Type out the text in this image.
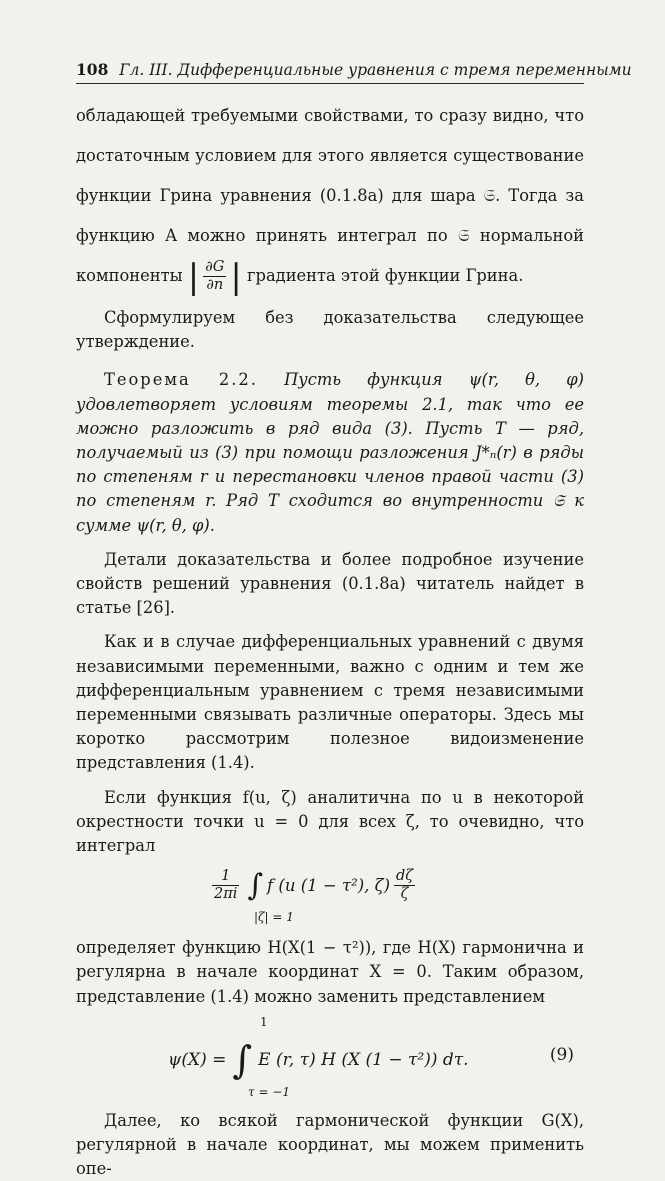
108 Гл. III. Дифференциальные уравнения с тремя переменными

обладающей требуемыми свойствами, то сразу видно, что достаточным условием для этого является существование функции Грина уравнения (0.1.8а) для шара 𝔖. Тогда за функцию A можно принять интеграл по 𝔖 нормальной компоненты | $\frac{\partial G}{\partial n}$ | градиента этой функции Грина.

Сформулируем без доказательства следующее утверждение.

Теорема 2.2. Пусть функция ψ(r, θ, φ) удовлетворяет условиям теоремы 2.1, так что ее можно разложить в ряд вида (3). Пусть T — ряд, получаемый из (3) при помощи разложения J*ₙ(r) в ряды по степеням r и перестановки членов правой части (3) по степеням r. Ряд T сходится во внутренности 𝔖 к сумме ψ(r, θ, φ).

Детали доказательства и более подробное изучение свойств решений уравнения (0.1.8а) читатель найдет в статье [26].

Как и в случае дифференциальных уравнений с двумя независимыми переменными, важно с одним и тем же дифференциальным уравнением с тремя независимыми переменными связывать различные операторы. Здесь мы коротко рассмотрим полезное видоизменение представления (1.4).

Если функция f(u, ζ) аналитична по u в некоторой окрестности точки u = 0 для всех ζ, то очевидно, что интеграл

$\frac{1}{2\pi i}$ ∫ f (u (1 − τ²), $\zeta) \frac{d\zeta}{\zeta}$
|ζ| = 1

определяет функцию H(X(1 − τ²)), где H(X) гармонична и регулярна в начале координат X = 0. Таким образом, представление (1.4) можно заменить представлением

1
ψ(X) = ∫ E (r, τ) H (X (1 − τ²)) dτ.
τ = −1
(9)

Далее, ко всякой гармонической функции G(X), регулярной в начале координат, мы можем применить опе-
